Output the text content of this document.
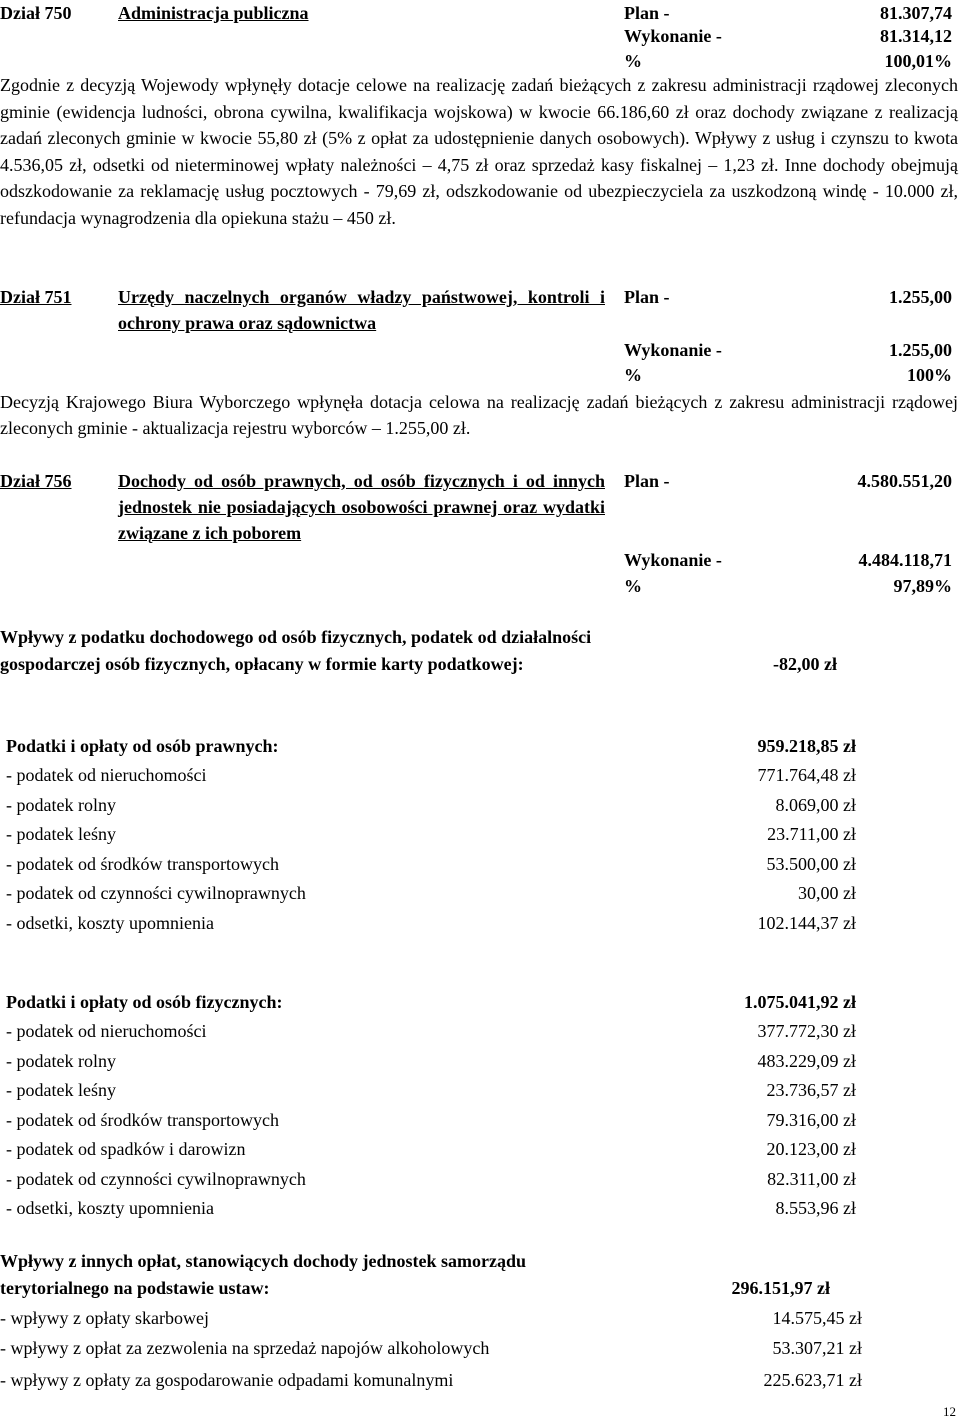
Dział 750	Administracja publiczna	Plan -	81.307,74
Wykonanie -	81.314,12
%	100,01%
Zgodnie z decyzją Wojewody wpłynęły dotacje celowe na realizację zadań bieżących z zakresu administracji rządowej zleconych gminie (ewidencja ludności, obrona cywilna, kwalifikacja wojskowa) w kwocie 66.186,60 zł oraz dochody związane z realizacją zadań zleconych gminie w kwocie 55,80 zł (5% z opłat za udostępnienie danych osobowych). Wpływy z usług i czynszu to kwota 4.536,05 zł, odsetki od nieterminowej wpłaty należności – 4,75 zł oraz sprzedaż kasy fiskalnej – 1,23 zł. Inne dochody obejmują odszkodowanie za reklamację usług pocztowych - 79,69 zł, odszkodowanie od ubezpieczyciela za uszkodzoną windę - 10.000 zł, refundacja wynagrodzenia dla opiekuna stażu – 450 zł.
Dział 751	Urzędy naczelnych organów władzy państwowej, kontroli i ochrony prawa oraz sądownictwa
Plan -	1.255,00
Wykonanie -	1.255,00
%	100%
Decyzją Krajowego Biura Wyborczego wpłynęła dotacja celowa na realizację zadań bieżących z zakresu administracji rządowej zleconych gminie - aktualizacja rejestru wyborców – 1.255,00 zł.
Dział 756	Dochody od osób prawnych, od osób fizycznych i od innych jednostek nie posiadających osobowości prawnej oraz wydatki związane z ich poborem
Plan -	4.580.551,20
Wykonanie -	4.484.118,71
%	97,89%
Wpływy z podatku dochodowego od osób fizycznych, podatek od działalności
gospodarczej osób fizycznych, opłacany w formie karty podatkowej:	-82,00 zł
Podatki i opłaty od osób prawnych:	959.218,85 zł
- podatek od nieruchomości	771.764,48 zł
- podatek rolny	8.069,00 zł
- podatek leśny	23.711,00 zł
- podatek od środków transportowych	53.500,00 zł
- podatek od czynności cywilnoprawnych	30,00 zł
- odsetki, koszty upomnienia	102.144,37 zł
Podatki i opłaty od osób fizycznych:	1.075.041,92 zł
- podatek od nieruchomości	377.772,30 zł
- podatek rolny	483.229,09 zł
- podatek leśny	23.736,57 zł
- podatek od środków transportowych	79.316,00 zł
- podatek od spadków i darowizn	20.123,00 zł
- podatek od czynności cywilnoprawnych	82.311,00 zł
- odsetki, koszty upomnienia	8.553,96 zł
Wpływy z innych opłat, stanowiących dochody jednostek samorządu
terytorialnego na podstawie ustaw:	296.151,97 zł
- wpływy z opłaty skarbowej	14.575,45 zł
- wpływy z opłat za zezwolenia na sprzedaż napojów alkoholowych	53.307,21 zł
- wpływy z opłaty za gospodarowanie odpadami komunalnymi	225.623,71 zł
12
